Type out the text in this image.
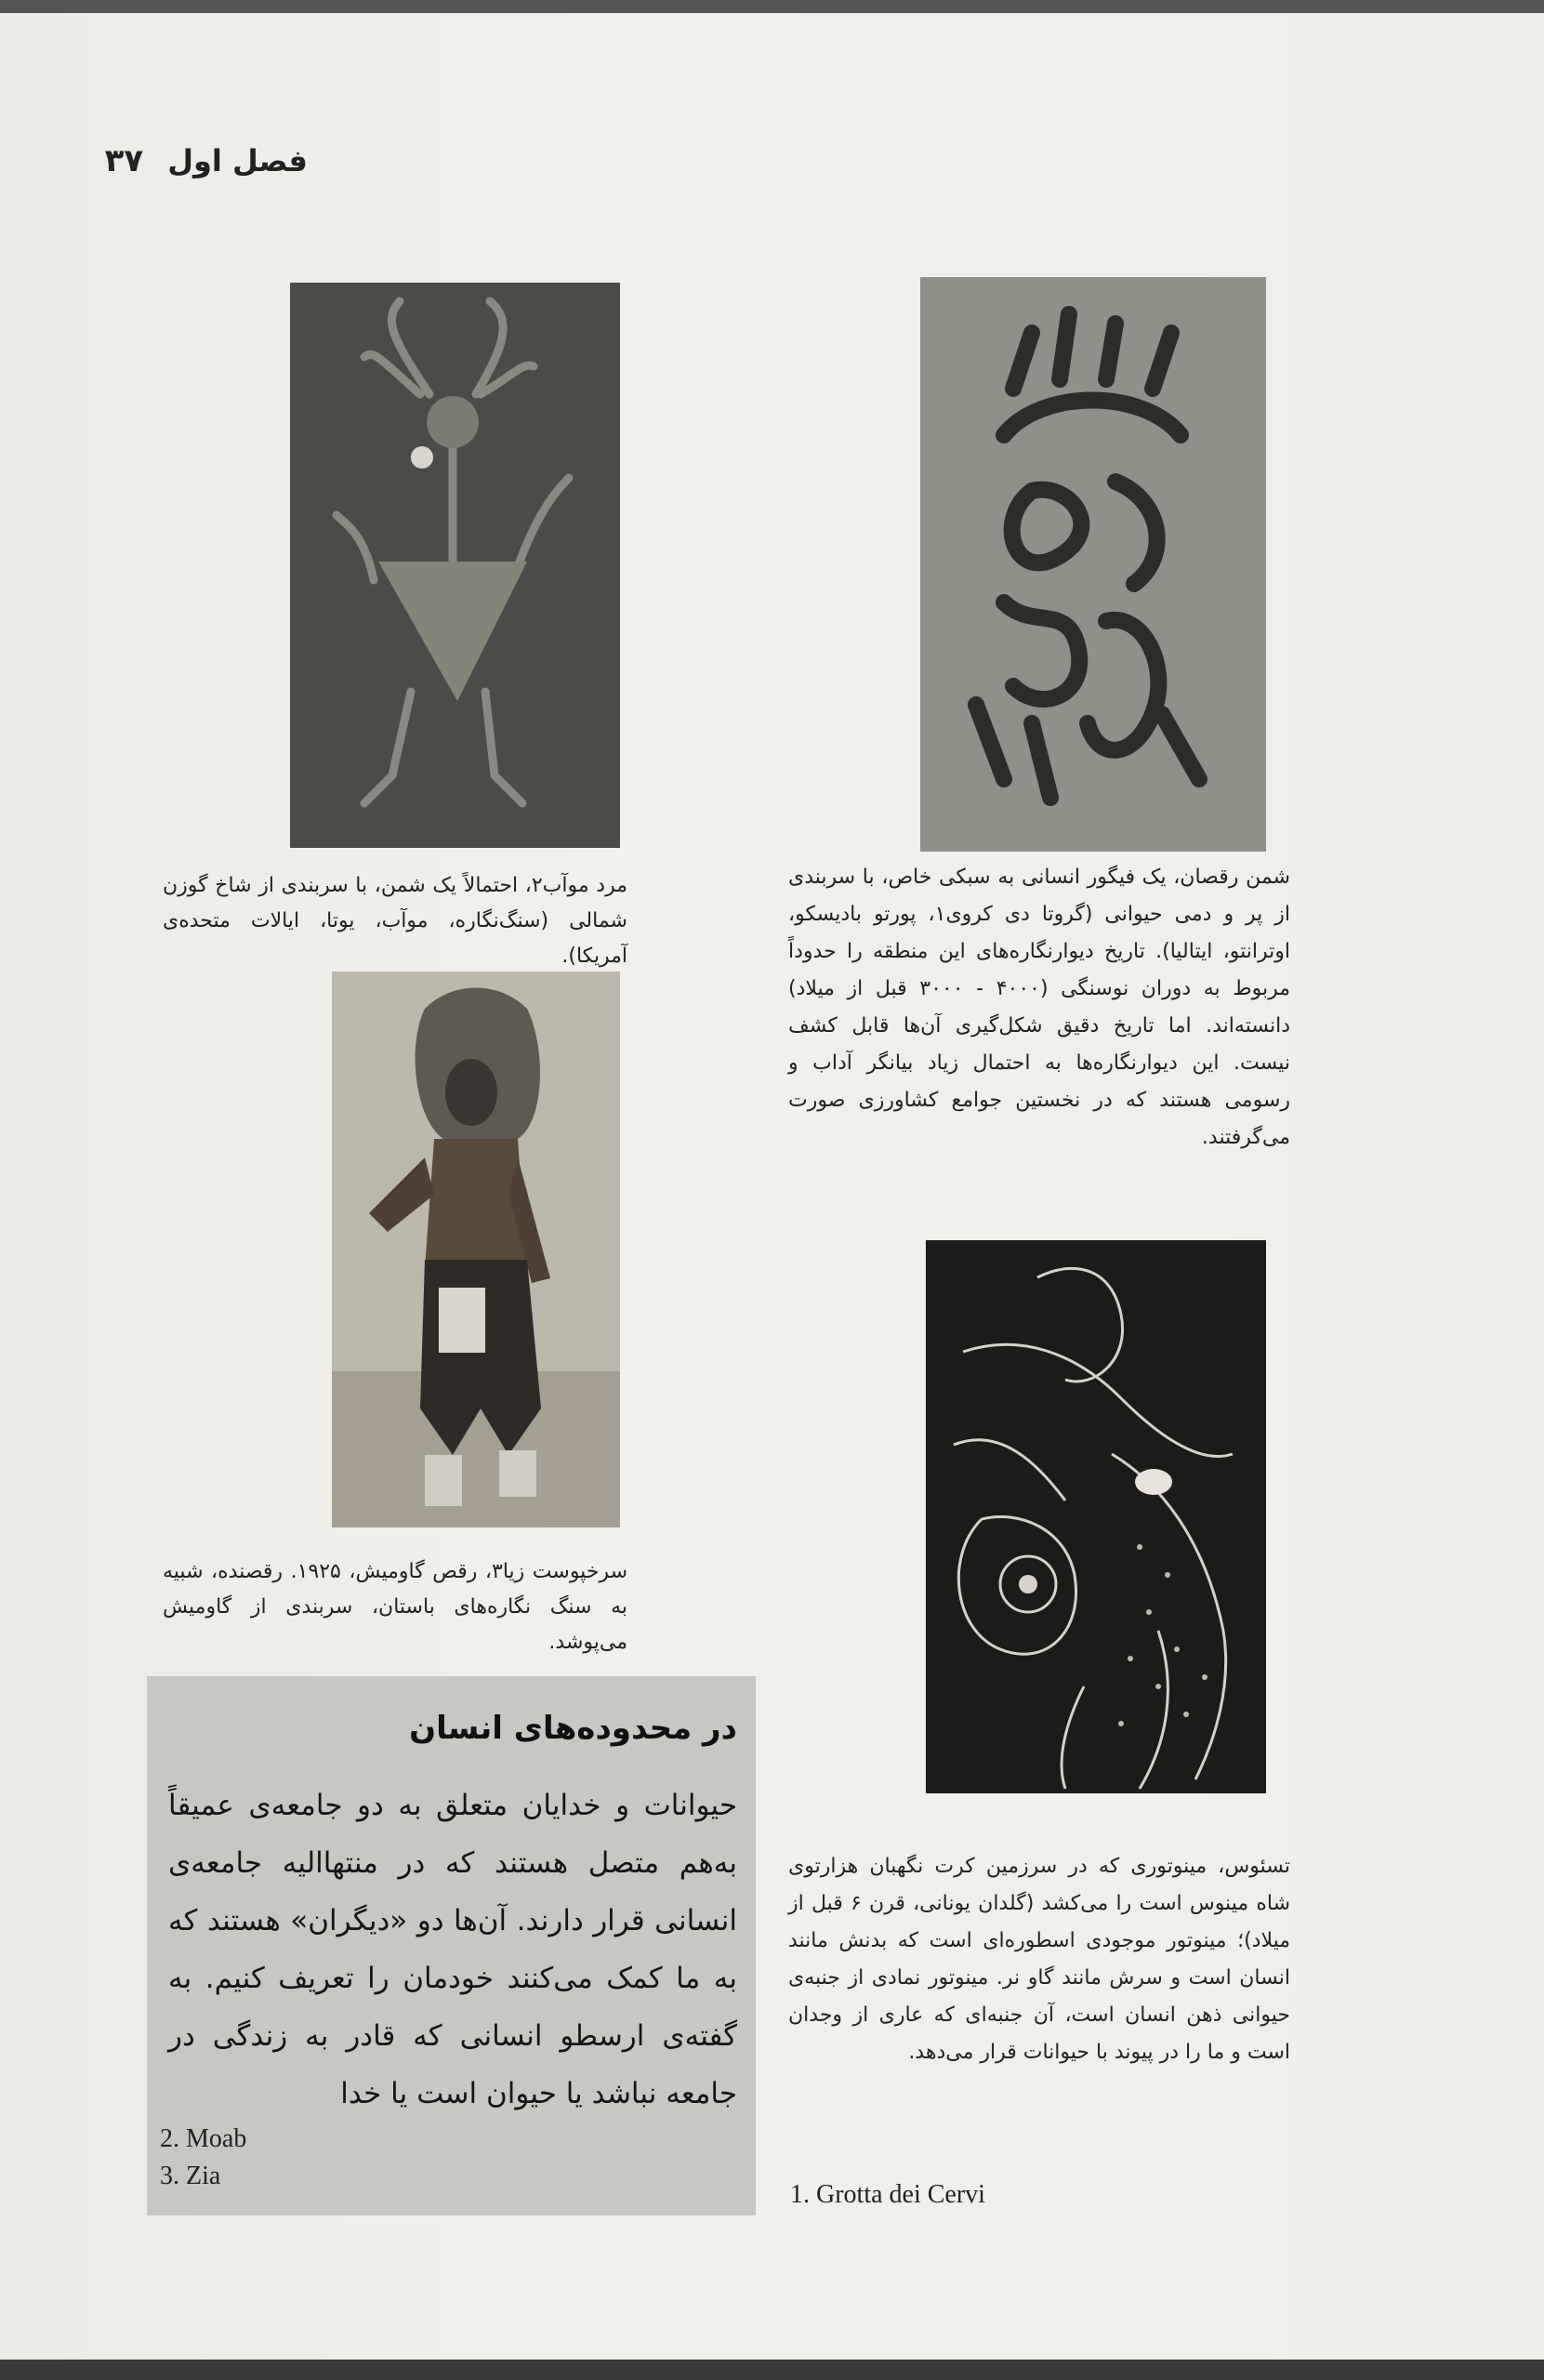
فصل اول
۳۷
مرد موآب۲، احتمالاً یک شمن، با سربندی از شاخ گوزن شمالی (سنگ‌نگاره، موآب، یوتا، ایالات متحده‌ی آمریکا).
شمن رقصان، یک فیگور انسانی به سبکی خاص، با سربندی از پر و دمی حیوانی (گروتا دی کروی۱، پورتو بادیسکو، اوترانتو، ایتالیا). تاریخ دیوارنگاره‌های این منطقه را حدوداً مربوط به دوران نوسنگی (۴۰۰۰ - ۳۰۰۰ قبل از میلاد) دانسته‌اند. اما تاریخ دقیق شکل‌گیری آن‌ها قابل کشف نیست. این دیوارنگاره‌ها به احتمال زیاد بیانگر آداب و رسومی هستند که در نخستین جوامع کشاورزی صورت می‌گرفتند.
سرخپوست زیا۳، رقص گاومیش، ۱۹۲۵. رقصنده، شبیه به سنگ نگاره‌های باستان، سربندی از گاومیش می‌پوشد.
تسئوس، مینوتوری که در سرزمین کرت نگهبان هزارتوی شاه مینوس است را می‌کشد (گلدان یونانی، قرن ۶ قبل از میلاد)؛ مینوتور موجودی اسطوره‌ای است که بدنش مانند انسان است و سرش مانند گاو نر. مینوتور نمادی از جنبه‌ی حیوانی ذهن انسان است، آن جنبه‌ای که عاری از وجدان است و ما را در پیوند با حیوانات قرار می‌دهد.
در محدوده‌های انسان
حیوانات و خدایان متعلق به دو جامعه‌ی عمیقاً به‌هم متصل هستند که در منتهاالیه جامعه‌ی انسانی قرار دارند. آن‌ها دو «دیگران» هستند که به ما کمک می‌کنند خودمان را تعریف کنیم. به گفته‌ی ارسطو انسانی که قادر به زندگی در جامعه نباشد یا حیوان است یا خدا
2. Moab
3. Zia
1. Grotta dei Cervi
